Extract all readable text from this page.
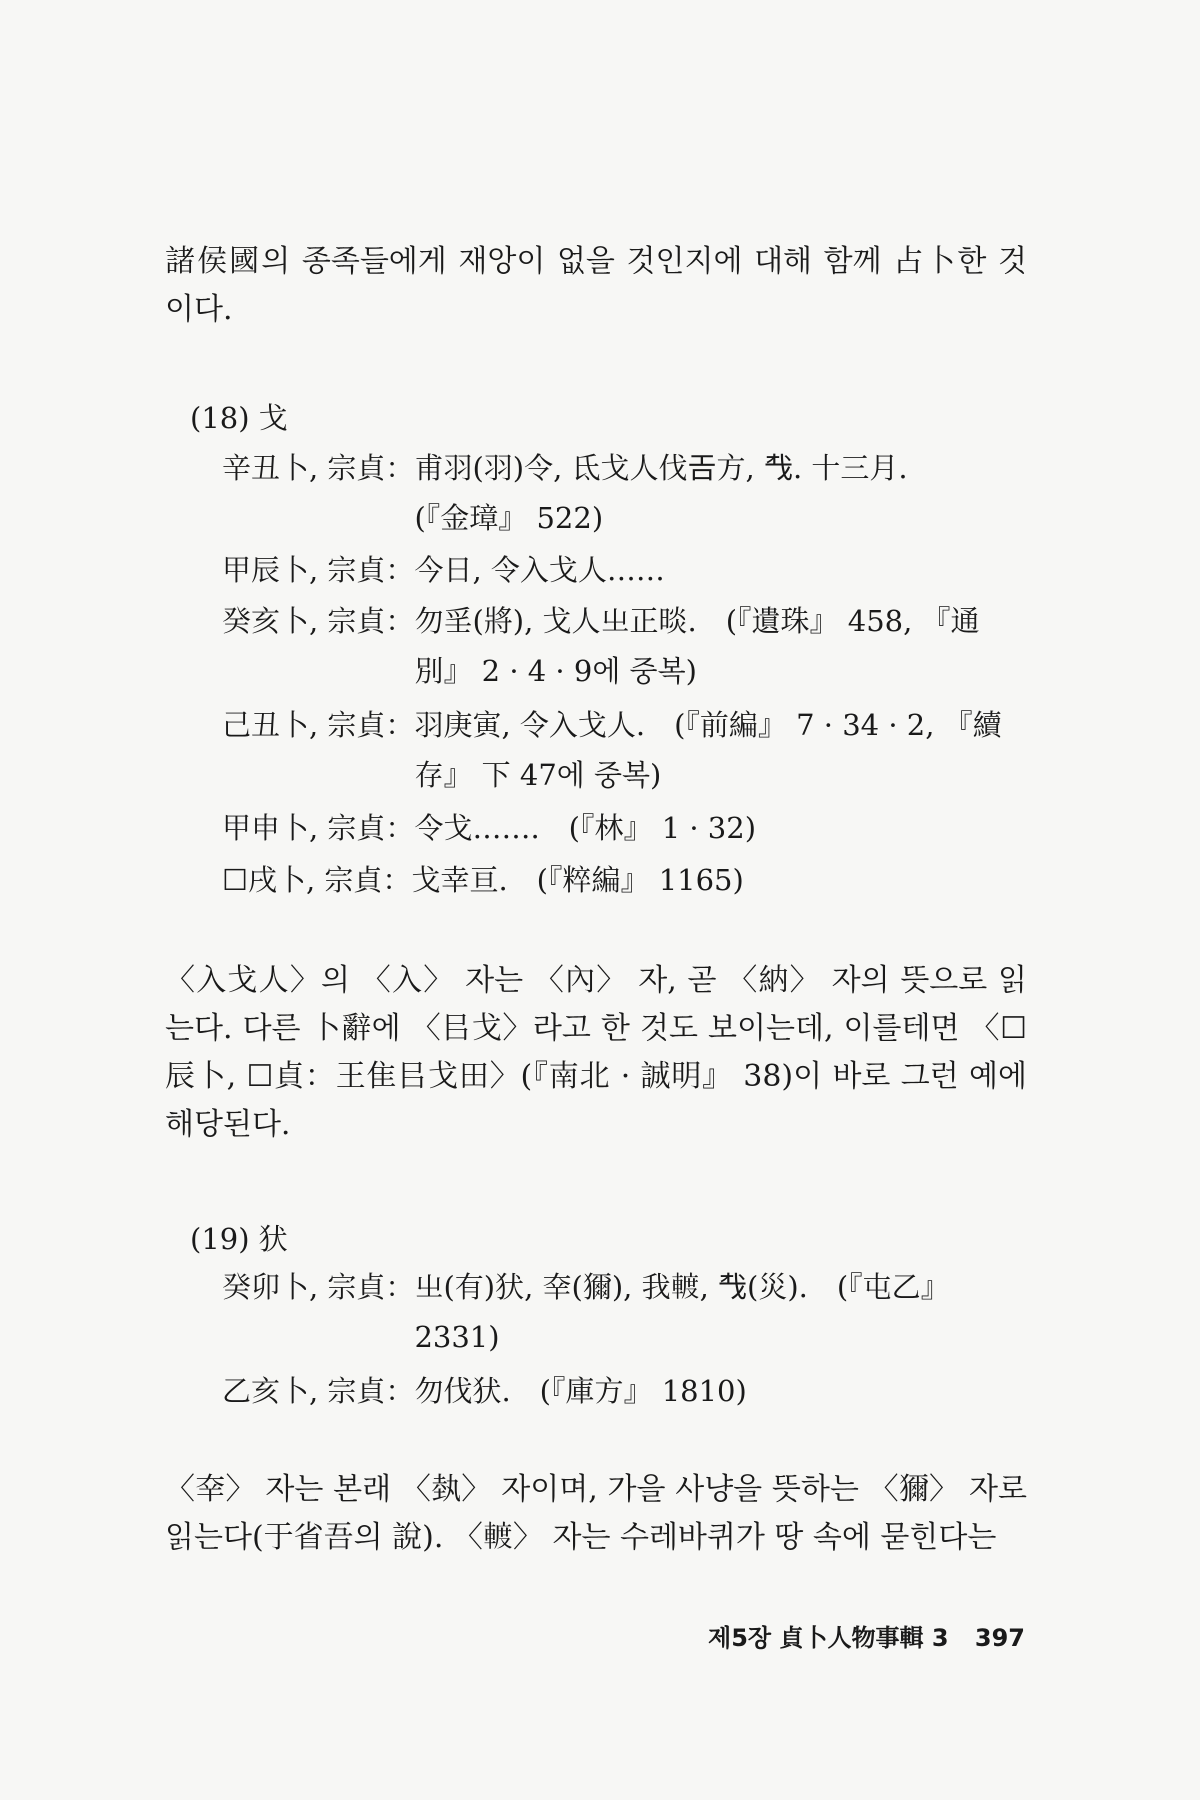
諸侯國의 종족들에게 재앙이 없을 것인지에 대해 함께 占卜한 것이다.

(18) 戈

辛丑卜, 宗貞： 甫羽(羽)令, 氐戈人伐𢀛方, 𢦔. 十三月.
(『金璋』 522)
甲辰卜, 宗貞： 今日, 令入戈人……
癸亥卜, 宗貞： 勿㸒(將), 戈人㞢正晱.　(『遺珠』 458, 『通
別』 2 · 4 · 9에 중복)
己丑卜, 宗貞： 羽庚寅, 令入戈人.　(『前編』 7 · 34 · 2, 『續
存』 下 47에 중복)
甲申卜, 宗貞： 令戈…….　(『林』 1 · 32)
☐戌卜, 宗貞： 戈幸亘.　(『粹編』 1165)

〈入戈人〉의 〈入〉 자는 〈內〉 자, 곧 〈納〉 자의 뜻으로 읽는다. 다른 卜辭에 〈㠯戈〉라고 한 것도 보이는데, 이를테면 〈☐辰卜, ☐貞：王隹㠯戈田〉(『南北 · 誠明』 38)이 바로 그런 예에 해당된다.

(19) 犾

癸卯卜, 宗貞： 㞢(有)犾, 㚔(獮), 我𨍏, 𢦔(災).　(『屯乙』
2331)
乙亥卜, 宗貞： 勿伐犾.　(『庫方』 1810)

〈㚔〉 자는 본래 〈埶〉 자이며, 가을 사냥을 뜻하는 〈獮〉 자로 읽는다(于省吾의 說). 〈𨍏〉 자는 수레바퀴가 땅 속에 묻힌다는

제5장 貞卜人物事輯 3 397
